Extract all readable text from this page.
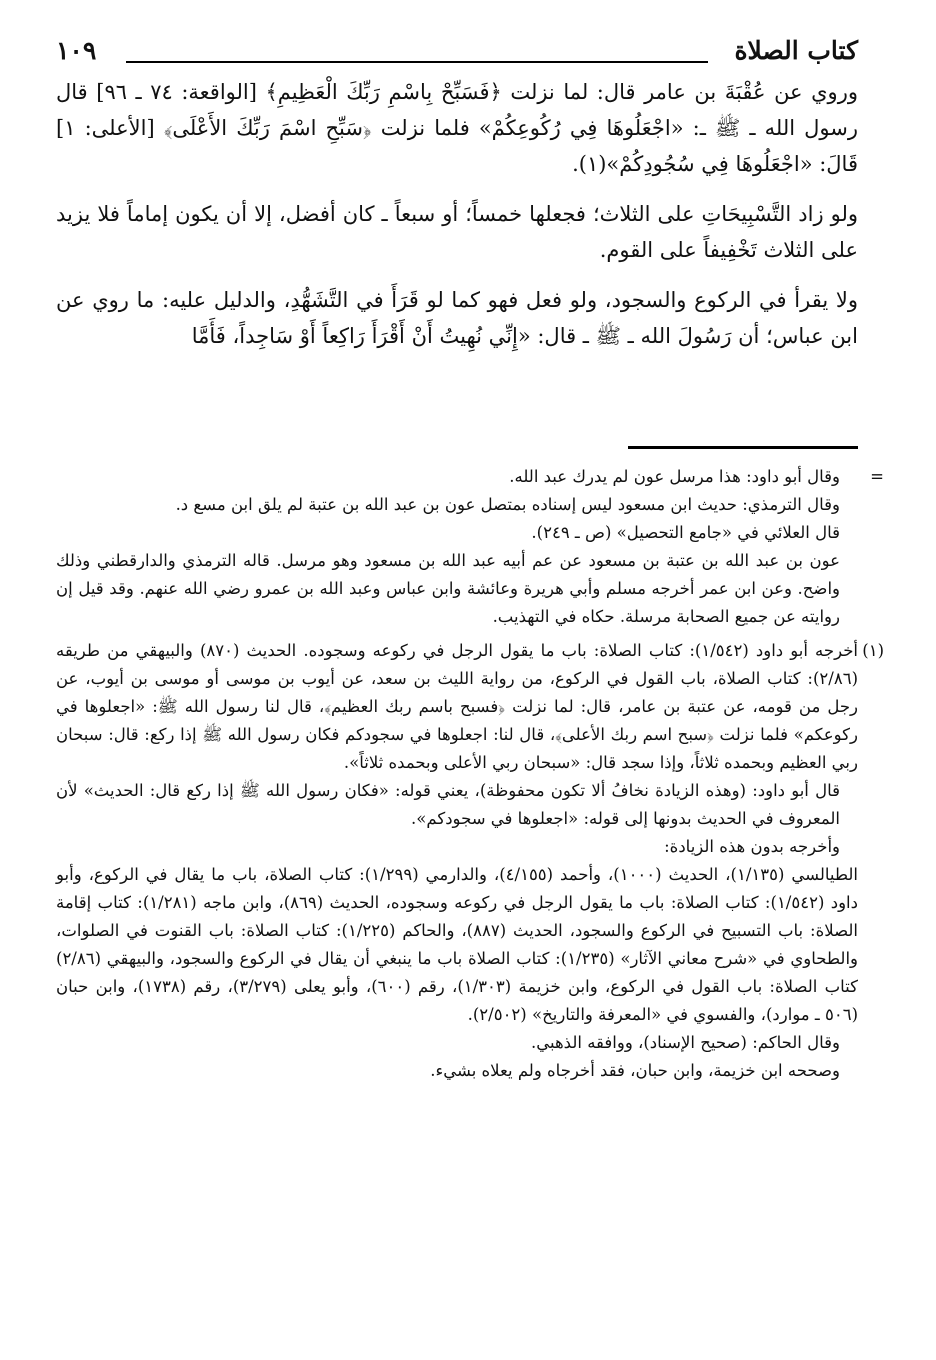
كتاب الصلاة
١٠٩

وروي عن عُقْبَةَ بن عامر قال: لما نزلت ﴿فَسَبِّحْ بِاسْمِ رَبِّكَ الْعَظِيمِ﴾ [الواقعة: ٧٤ ـ ٩٦] قال رسول الله ـ ﷺ ـ: «اجْعَلُوهَا فِي رُكُوعِكُمْ» فلما نزلت ﴿سَبِّحِ اسْمَ رَبِّكَ الأَعْلَى﴾ [الأعلى: ١] قَالَ: «اجْعَلُوهَا فِي سُجُودِكُمْ»(١).

ولو زاد التَّسْبِيحَاتِ على الثلاث؛ فجعلها خمساً؛ أو سبعاً ـ كان أفضل، إلا أن يكون إماماً فلا يزيد على الثلاث تَخْفِيفاً على القوم.

ولا يقرأ في الركوع والسجود، ولو فعل فهو كما لو قَرَأَ في التَّشَهُّدِ، والدليل عليه: ما روي عن ابن عباس؛ أن رَسُولَ الله ـ ﷺ ـ قال: «إِنِّي نُهِيتُ أَنْ أَقْرَأَ رَاكِعاً أَوْ سَاجِداً، فَأَمَّا

=

وقال أبو داود: هذا مرسل عون لم يدرك عبد الله.

وقال الترمذي: حديث ابن مسعود ليس إسناده بمتصل عون بن عبد الله بن عتبة لم يلق ابن مسع د.

قال العلائي في «جامع التحصيل» (ص ـ ٢٤٩).

عون بن عبد الله بن عتبة بن مسعود عن عم أبيه عبد الله بن مسعود وهو مرسل. قاله الترمذي والدارقطني وذلك واضح. وعن ابن عمر أخرجه مسلم وأبي هريرة وعائشة وابن عباس وعبد الله بن عمرو رضي الله عنهم. وقد قيل إن روايته عن جميع الصحابة مرسلة. حكاه في التهذيب.

(١)

أخرجه أبو داود (١/٥٤٢): كتاب الصلاة: باب ما يقول الرجل في ركوعه وسجوده. الحديث (٨٧٠) والبيهقي من طريقه (٢/٨٦): كتاب الصلاة، باب القول في الركوع، من رواية الليث بن سعد، عن أيوب بن موسى أو موسى بن أيوب، عن رجل من قومه، عن عتبة بن عامر، قال: لما نزلت ﴿فسبح باسم ربك العظيم﴾، قال لنا رسول الله ﷺ: «اجعلوها في ركوعكم» فلما نزلت ﴿سبح اسم ربك الأعلى﴾، قال لنا: اجعلوها في سجودكم فكان رسول الله ﷺ إذا ركع: قال: سبحان ربي العظيم وبحمده ثلاثاً، وإذا سجد قال: «سبحان ربي الأعلى وبحمده ثلاثاً».

قال أبو داود: (وهذه الزيادة نخافُ ألا تكون محفوظة)، يعني قوله: «فكان رسول الله ﷺ إذا ركع قال: الحديث» لأن المعروف في الحديث بدونها إلى قوله: «اجعلوها في سجودكم».

وأخرجه بدون هذه الزيادة:

الطيالسي (١/١٣٥)، الحديث (١٠٠٠)، وأحمد (٤/١٥٥)، والدارمي (١/٢٩٩): كتاب الصلاة، باب ما يقال في الركوع، وأبو داود (١/٥٤٢): كتاب الصلاة: باب ما يقول الرجل في ركوعه وسجوده، الحديث (٨٦٩)، وابن ماجه (١/٢٨١): كتاب إقامة الصلاة: باب التسبيح في الركوع والسجود، الحديث (٨٨٧)، والحاكم (١/٢٢٥): كتاب الصلاة: باب القنوت في الصلوات، والطحاوي في «شرح معاني الآثار» (١/٢٣٥): كتاب الصلاة باب ما ينبغي أن يقال في الركوع والسجود، والبيهقي (٢/٨٦) كتاب الصلاة: باب القول في الركوع، وابن خزيمة (١/٣٠٣)، رقم (٦٠٠)، وأبو يعلى (٣/٢٧٩)، رقم (١٧٣٨)، وابن حبان (٥٠٦ ـ موارد)، والفسوي في «المعرفة والتاريخ» (٢/٥٠٢).

وقال الحاكم: (صحيح الإسناد)، ووافقه الذهبي.

وصححه ابن خزيمة، وابن حبان، فقد أخرجاه ولم يعلاه بشيء.
